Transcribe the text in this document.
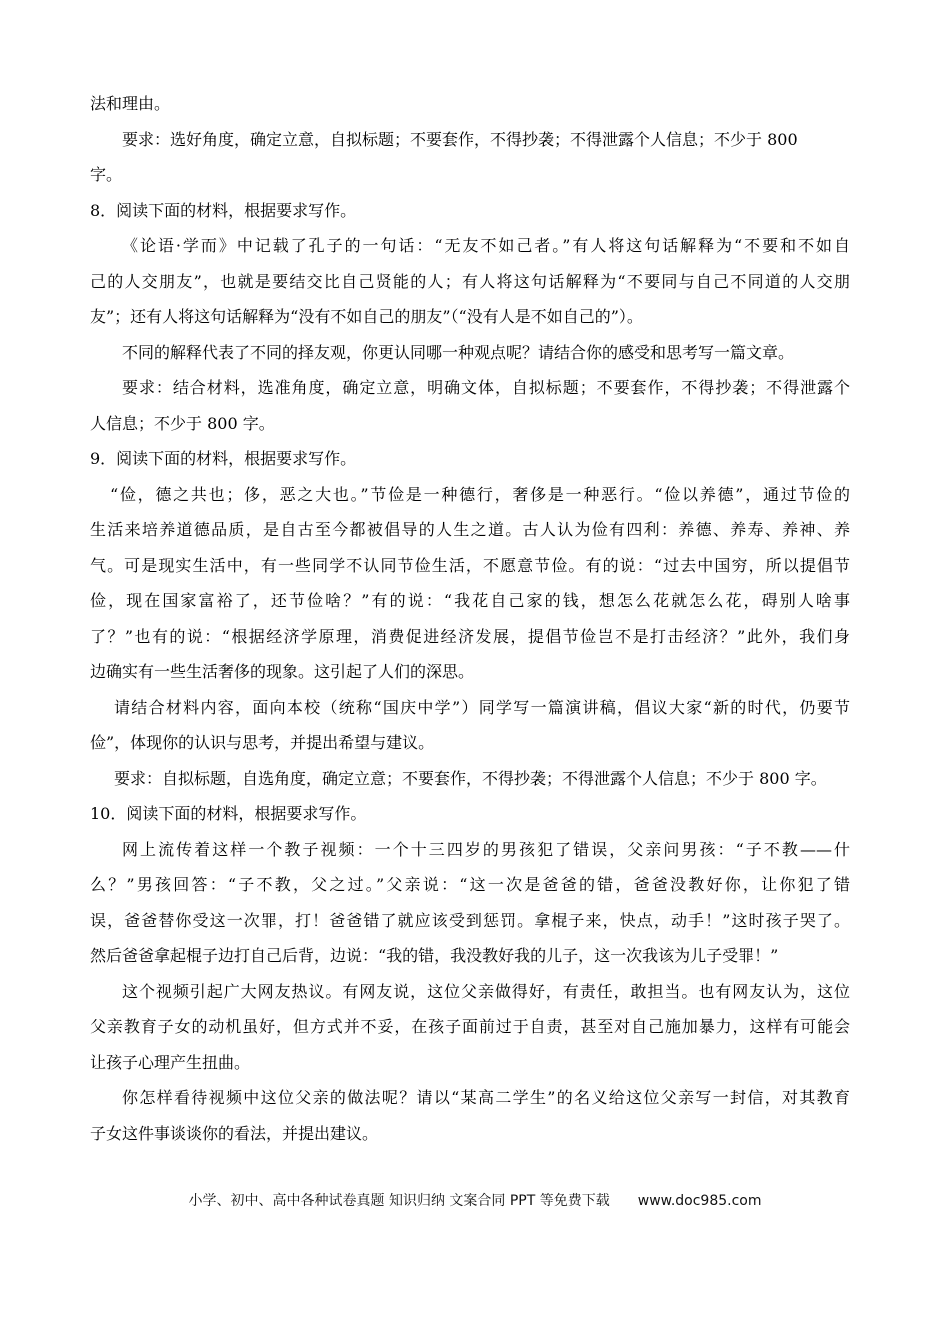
法和理由。
要求：选好角度，确定立意，自拟标题；不要套作，不得抄袭；不得泄露个人信息；不少于 800
字。
8．阅读下面的材料，根据要求写作。
《论语·学而》中记载了孔子的一句话：“无友不如己者。”有人将这句话解释为“不要和不如自
己的人交朋友”，也就是要结交比自己贤能的人；有人将这句话解释为“不要同与自己不同道的人交朋
友”；还有人将这句话解释为“没有不如自己的朋友”（“没有人是不如自己的”）。
不同的解释代表了不同的择友观，你更认同哪一种观点呢？请结合你的感受和思考写一篇文章。
要求：结合材料，选准角度，确定立意，明确文体，自拟标题；不要套作，不得抄袭；不得泄露个
人信息；不少于 800 字。
9．阅读下面的材料，根据要求写作。
“俭，德之共也；侈，恶之大也。”节俭是一种德行，奢侈是一种恶行。“俭以养德”，通过节俭的
生活来培养道德品质，是自古至今都被倡导的人生之道。古人认为俭有四利：养德、养寿、养神、养
气。可是现实生活中，有一些同学不认同节俭生活，不愿意节俭。有的说：“过去中国穷，所以提倡节
俭，现在国家富裕了，还节俭啥？”有的说：“我花自己家的钱，想怎么花就怎么花，碍别人啥事
了？”也有的说：“根据经济学原理，消费促进经济发展，提倡节俭岂不是打击经济？”此外，我们身
边确实有一些生活奢侈的现象。这引起了人们的深思。
请结合材料内容，面向本校（统称“国庆中学”）同学写一篇演讲稿，倡议大家“新的时代，仍要节
俭”，体现你的认识与思考，并提出希望与建议。
要求：自拟标题，自选角度，确定立意；不要套作，不得抄袭；不得泄露个人信息；不少于 800 字。
10．阅读下面的材料，根据要求写作。
网上流传着这样一个教子视频：一个十三四岁的男孩犯了错误，父亲问男孩：“子不教——什
么？”男孩回答：“子不教，父之过。”父亲说：“这一次是爸爸的错，爸爸没教好你，让你犯了错
误，爸爸替你受这一次罪，打！爸爸错了就应该受到惩罚。拿棍子来，快点，动手！”这时孩子哭了。
然后爸爸拿起棍子边打自己后背，边说：“我的错，我没教好我的儿子，这一次我该为儿子受罪！”
这个视频引起广大网友热议。有网友说，这位父亲做得好，有责任，敢担当。也有网友认为，这位
父亲教育子女的动机虽好，但方式并不妥，在孩子面前过于自责，甚至对自己施加暴力，这样有可能会
让孩子心理产生扭曲。
你怎样看待视频中这位父亲的做法呢？请以“某高二学生”的名义给这位父亲写一封信，对其教育
子女这件事谈谈你的看法，并提出建议。
小学、初中、高中各种试卷真题 知识归纳 文案合同 PPT 等免费下载 www.doc985.com
